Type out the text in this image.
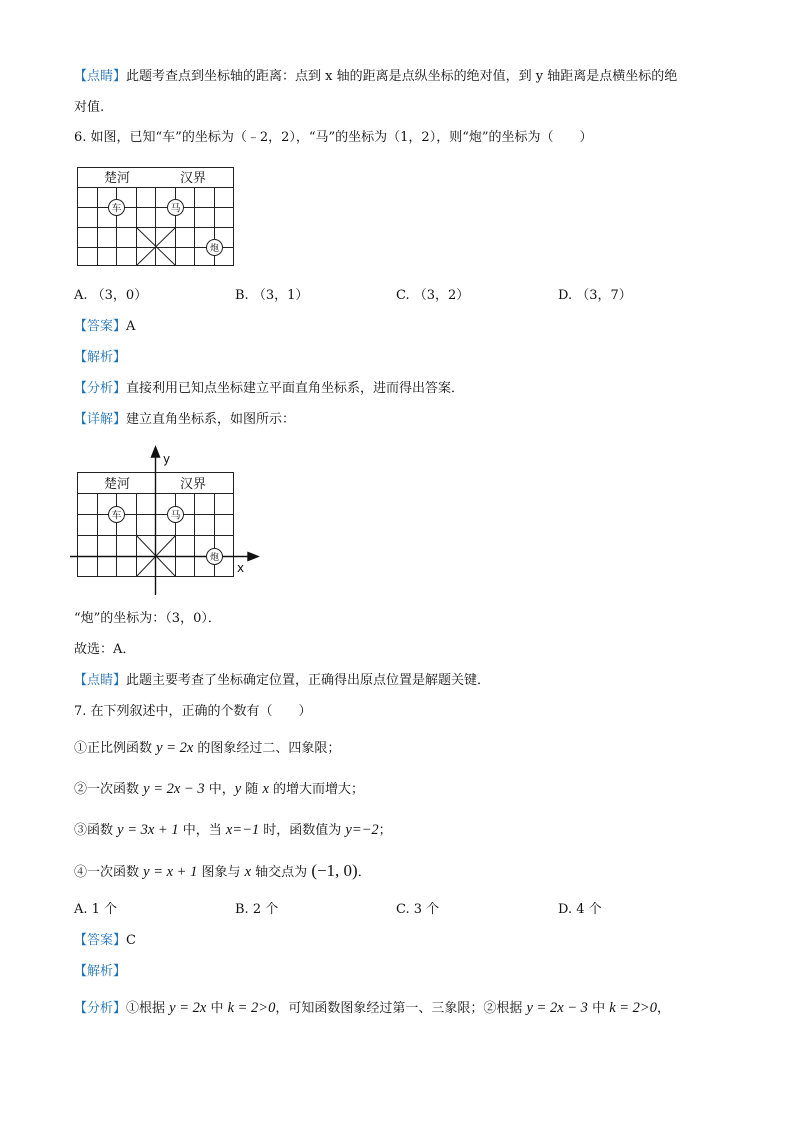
【点睛】此题考查点到坐标轴的距离：点到 x 轴的距离是点纵坐标的绝对值，到 y 轴距离是点横坐标的绝
对值.
6. 如图，已知“车”的坐标为（﹣2，2），“马”的坐标为（1，2），则“炮”的坐标为（　　）
楚河	汉界
车	马
炮
A. （3，0）	B. （3，1）	C. （3，2）	D. （3，7）
【答案】A
【解析】
【分析】直接利用已知点坐标建立平面直角坐标系，进而得出答案．
【详解】建立直角坐标系，如图所示：
y
x
楚河	汉界
车	马
炮
“炮”的坐标为：（3，0）．
故选：A．
【点睛】此题主要考查了坐标确定位置，正确得出原点位置是解题关键．
7. 在下列叙述中，正确的个数有（　　）
①正比例函数 y = 2x 的图象经过二、四象限；
②一次函数 y = 2x − 3 中，y 随 x 的增大而增大；
③函数 y = 3x + 1 中，当 x=−1 时，函数值为 y=−2；
④一次函数 y = x + 1 图象与 x 轴交点为 (−1, 0)．
A. 1 个	B. 2 个	C. 3 个	D. 4 个
【答案】C
【解析】
【分析】①根据 y = 2x 中 k = 2>0，可知函数图象经过第一、三象限；②根据 y = 2x − 3 中 k = 2>0，
